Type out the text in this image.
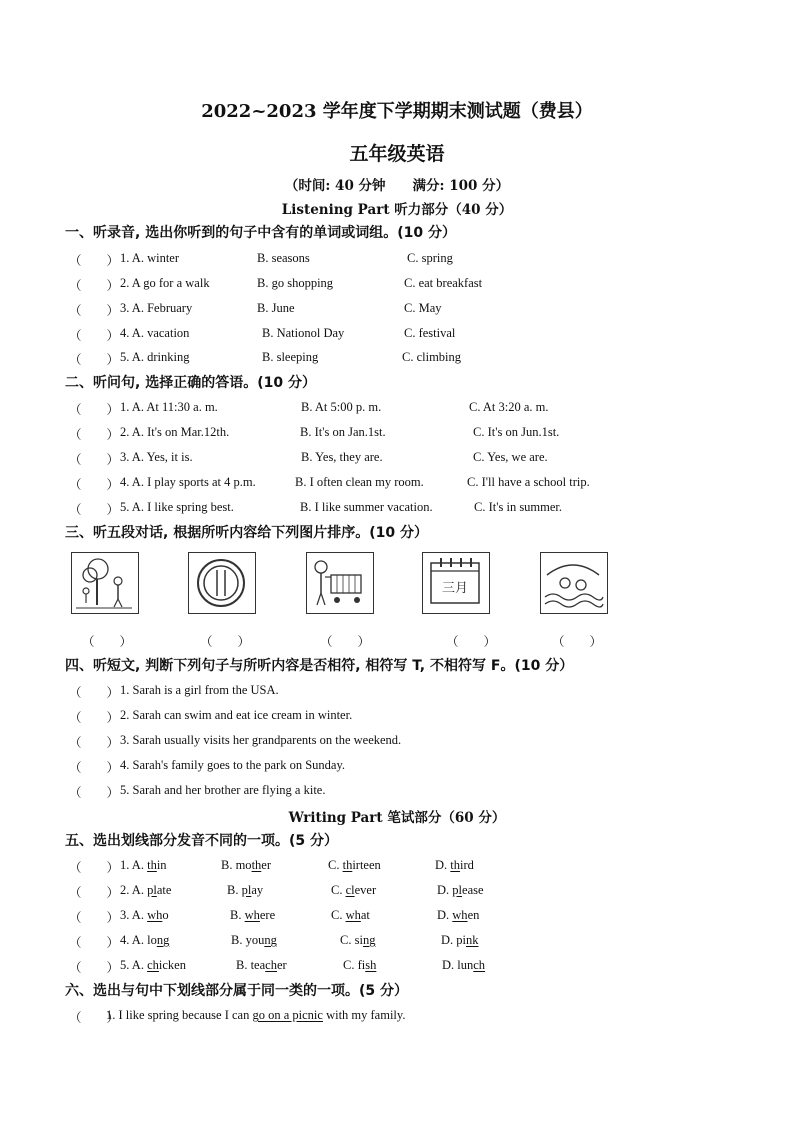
2022~2023 学年度下学期期末测试题（费县）
五年级英语
（时间: 40 分钟　　满分: 100 分）
Listening Part 听力部分（40 分）
一、听录音, 选出你听到的句子中含有的单词或词组。(10 分）
（　　） 1. A. winter	B. seasons	C. spring
（　　） 2. A go for a walk	B. go shopping	C. eat breakfast
（　　） 3. A. February	B. June	C. May
（　　） 4. A. vacation	B. Nationol Day	C. festival
（　　） 5. A. drinking	B. sleeping	C. climbing
二、听问句, 选择正确的答语。(10 分）
（　　） 1. A. At 11:30 a. m.	B. At 5:00 p. m.	C. At 3:20 a. m.
（　　） 2. A. It's on Mar.12th.	B. It's on Jan.1st.	C. It's on Jun.1st.
（　　） 3. A. Yes, it is.	B. Yes, they are.	C. Yes, we are.
（　　） 4. A. I play sports at 4 p.m.	B. I often clean my room.	C. I'll have a school trip.
（　　） 5. A. I like spring best.	B. I like summer vacation.	C. It's in summer.
三、听五段对话, 根据所听内容给下列图片排序。(10 分）
三月
（　　）	（　　）	（　　）	（　　）	（　　）
四、听短文, 判断下列句子与所听内容是否相符, 相符写 T, 不相符写 F。(10 分）
（　　） 1. Sarah is a girl from the USA.
（　　） 2. Sarah can swim and eat ice cream in winter.
（　　） 3. Sarah usually visits her grandparents on the weekend.
（　　） 4. Sarah's family goes to the park on Sunday.
（　　） 5. Sarah and her brother are flying a kite.
Writing Part 笔试部分（60 分）
五、选出划线部分发音不同的一项。(5 分）
（　　） 1. A. thin	B. mother	C. thirteen	D. third
（　　） 2. A. plate	B. play	C. clever	D. please
（　　） 3. A. who	B. where	C. what	D. when
（　　） 4. A. long	B. young	C. sing	D. pink
（　　） 5. A. chicken	B. teacher	C. fish	D. lunch
六、选出与句中下划线部分属于同一类的一项。(5 分）
（　　）
1. I like spring because I can go on a picnic with my family.
